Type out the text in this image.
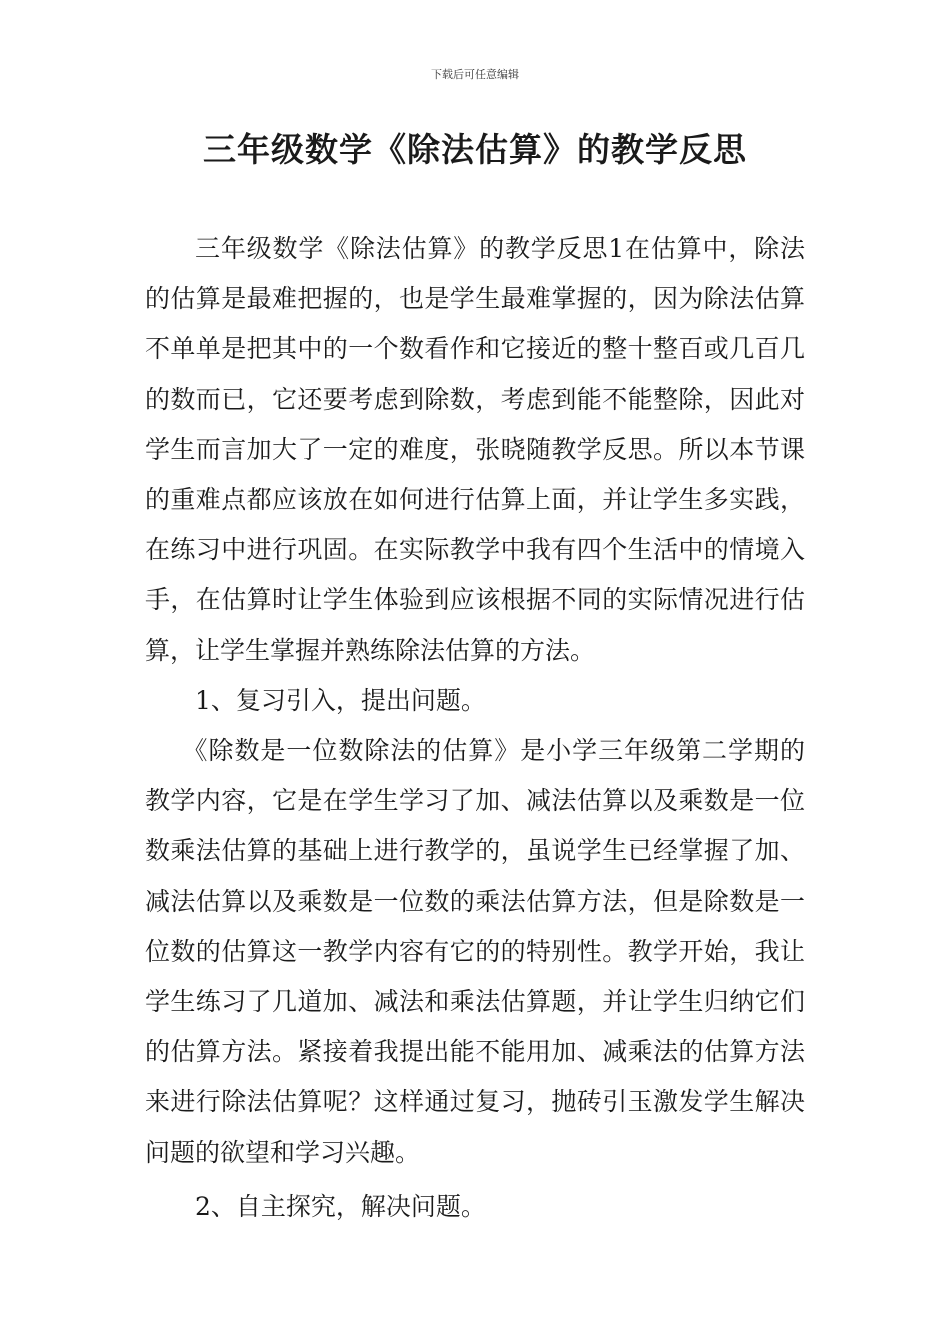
下载后可任意编辑
三年级数学《除法估算》的教学反思

三年级数学《除法估算》的教学反思1在估算中，除法的估算是最难把握的，也是学生最难掌握的，因为除法估算不单单是把其中的一个数看作和它接近的整十整百或几百几的数而已，它还要考虑到除数，考虑到能不能整除，因此对学生而言加大了一定的难度，张晓随教学反思。所以本节课的重难点都应该放在如何进行估算上面，并让学生多实践，在练习中进行巩固。在实际教学中我有四个生活中的情境入手，在估算时让学生体验到应该根据不同的实际情况进行估算，让学生掌握并熟练除法估算的方法。

1、复习引入，提出问题。

《除数是一位数除法的估算》是小学三年级第二学期的教学内容，它是在学生学习了加、减法估算以及乘数是一位数乘法估算的基础上进行教学的，虽说学生已经掌握了加、减法估算以及乘数是一位数的乘法估算方法，但是除数是一位数的估算这一教学内容有它的的特别性。教学开始，我让学生练习了几道加、减法和乘法估算题，并让学生归纳它们的估算方法。紧接着我提出能不能用加、减乘法的估算方法来进行除法估算呢？这样通过复习，抛砖引玉激发学生解决问题的欲望和学习兴趣。

2、自主探究，解决问题。
